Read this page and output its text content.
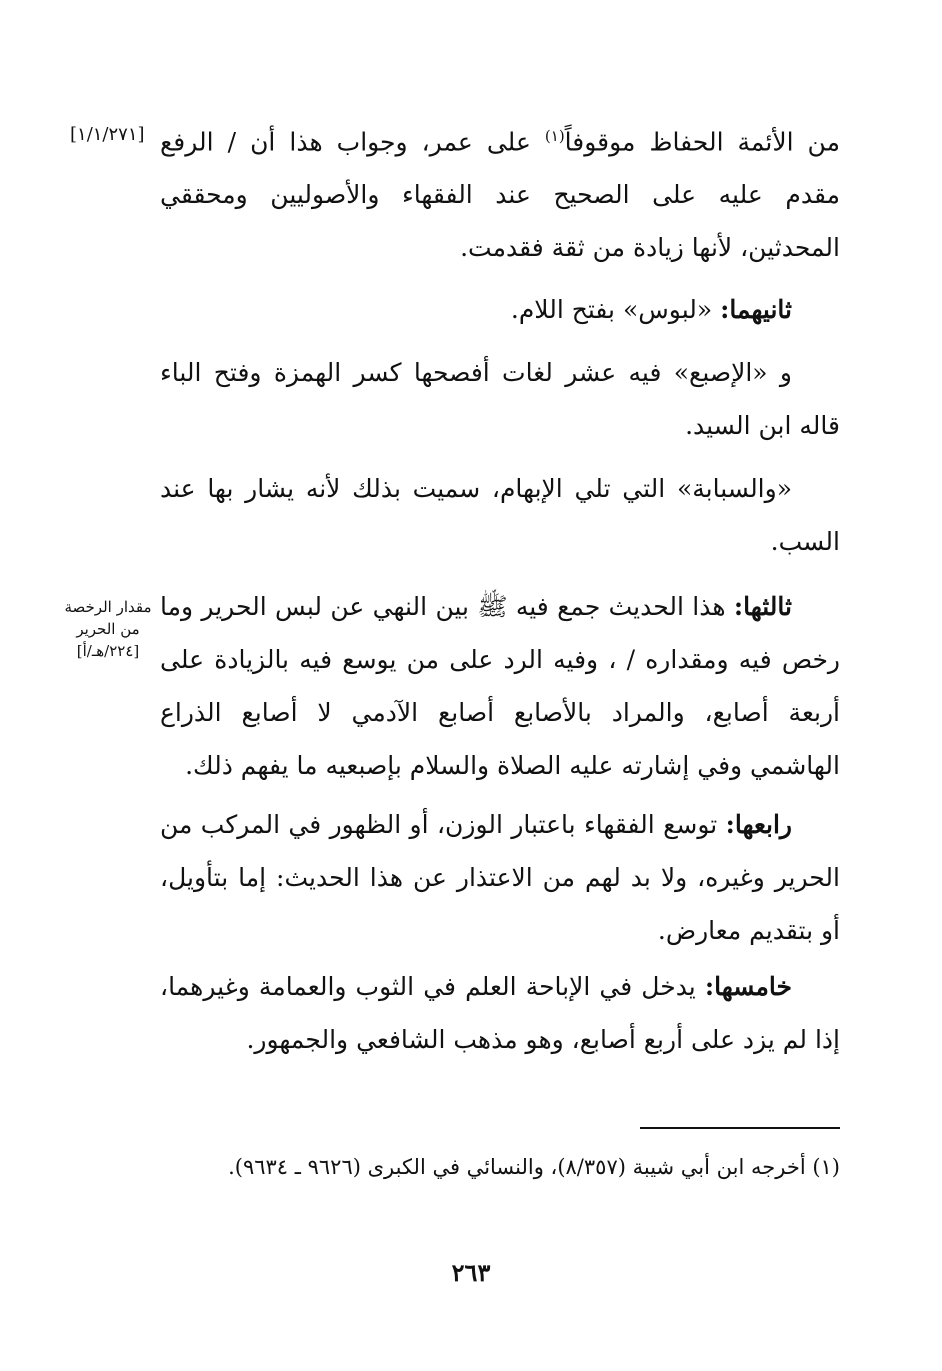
[١/١/٢٧١]	من الأئمة الحفاظ موقوفاً$^{(١)}$ على عمر، وجواب هذا أن / الرفع مقدم عليه على الصحيح عند الفقهاء والأصوليين ومحققي المحدثين، لأنها زيادة من ثقة فقدمت.

ثانيهما: «لبوس» بفتح اللام.

و «الإصبع» فيه عشر لغات أفصحها كسر الهمزة وفتح الباء قاله ابن السيد.

«والسبابة» التي تلي الإبهام، سميت بذلك لأنه يشار بها عند السب.

مقدار الرخصة
من الحرير
[٢٢٤/هـ/أ]

ثالثها: هذا الحديث جمع فيه ﷺ بين النهي عن لبس الحرير وما رخص فيه ومقداره / ، وفيه الرد على من يوسع فيه بالزيادة على أربعة أصابع، والمراد بالأصابع أصابع الآدمي لا أصابع الذراع الهاشمي وفي إشارته عليه الصلاة والسلام بإصبعيه ما يفهم ذلك.

رابعها: توسع الفقهاء باعتبار الوزن، أو الظهور في المركب من الحرير وغيره، ولا بد لهم من الاعتذار عن هذا الحديث: إما بتأويل، أو بتقديم معارض.

خامسها: يدخل في الإباحة العلم في الثوب والعمامة وغيرهما، إذا لم يزد على أربع أصابع، وهو مذهب الشافعي والجمهور.

(١) أخرجه ابن أبي شيبة (٨/٣٥٧)، والنسائي في الكبرى (٩٦٢٦ ـ ٩٦٣٤).
٢٦٣
